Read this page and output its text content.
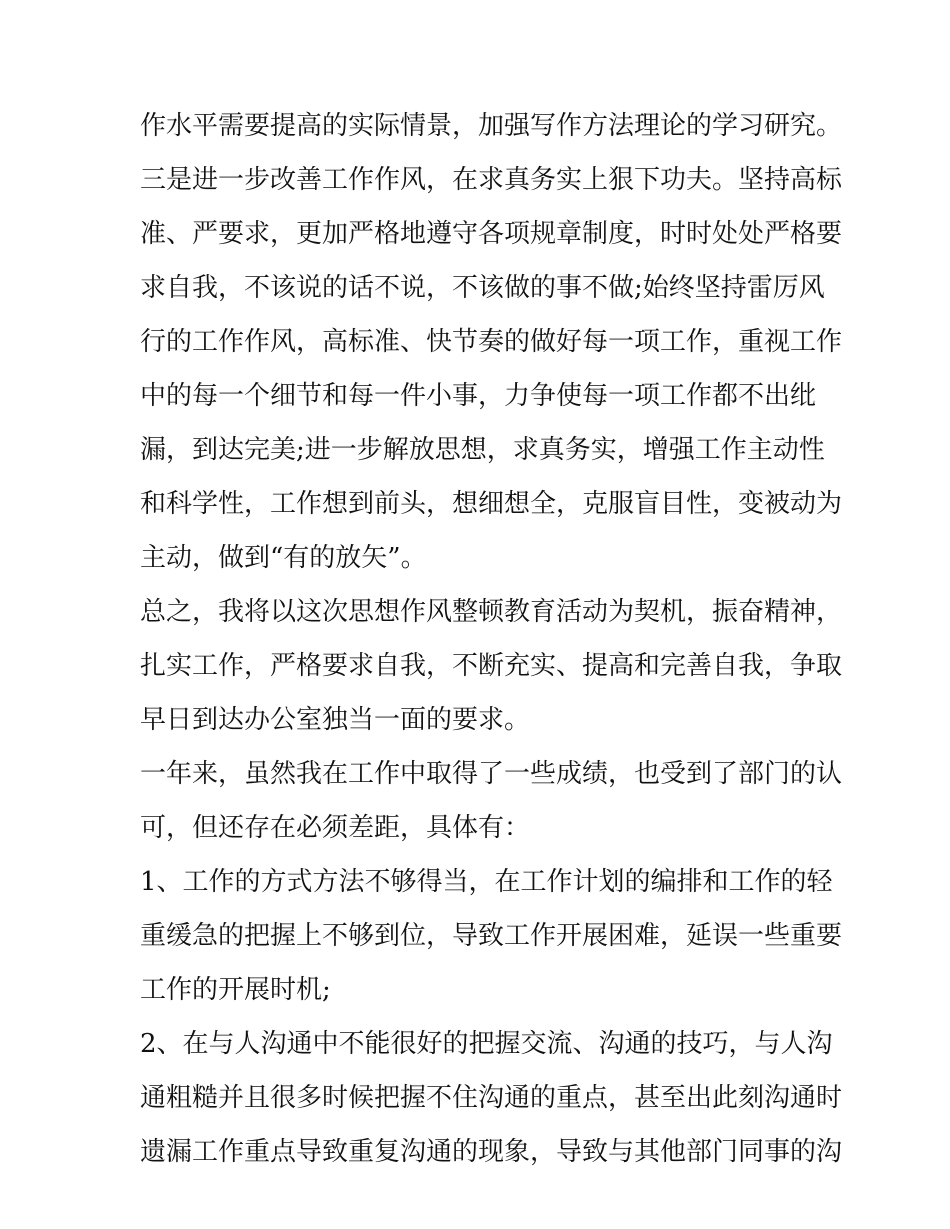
作水平需要提高的实际情景，加强写作方法理论的学习研究。
三是进一步改善工作作风，在求真务实上狠下功夫。坚持高标
准、严要求，更加严格地遵守各项规章制度，时时处处严格要
求自我，不该说的话不说，不该做的事不做;始终坚持雷厉风
行的工作作风，高标准、快节奏的做好每一项工作，重视工作
中的每一个细节和每一件小事，力争使每一项工作都不出纰
漏，到达完美;进一步解放思想，求真务实，增强工作主动性
和科学性，工作想到前头，想细想全，克服盲目性，变被动为
主动，做到“有的放矢”。
总之，我将以这次思想作风整顿教育活动为契机，振奋精神，
扎实工作，严格要求自我，不断充实、提高和完善自我，争取
早日到达办公室独当一面的要求。
一年来，虽然我在工作中取得了一些成绩，也受到了部门的认
可，但还存在必须差距，具体有：
1、工作的方式方法不够得当，在工作计划的编排和工作的轻
重缓急的把握上不够到位，导致工作开展困难，延误一些重要
工作的开展时机;
2、在与人沟通中不能很好的把握交流、沟通的技巧，与人沟
通粗糙并且很多时候把握不住沟通的重点，甚至出此刻沟通时
遗漏工作重点导致重复沟通的现象，导致与其他部门同事的沟
